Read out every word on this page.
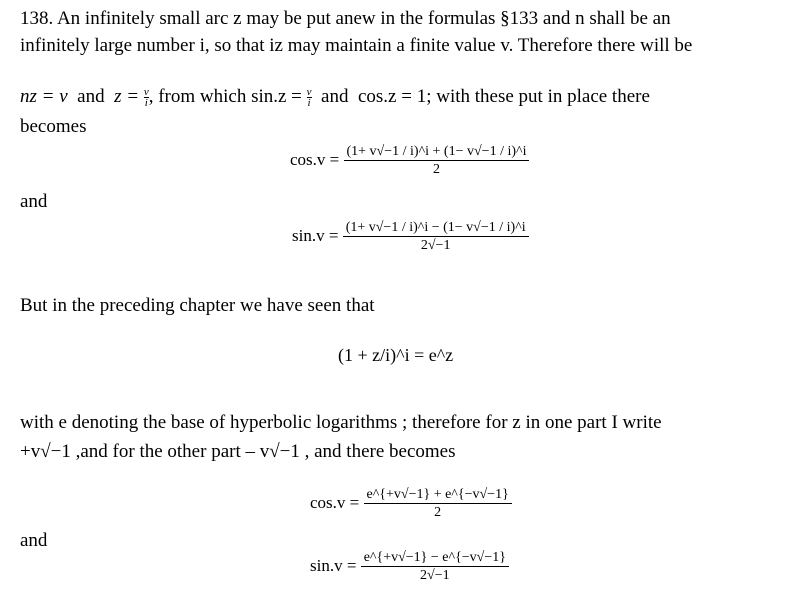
138. An infinitely small arc z may be put anew in the formulas §133 and n shall be an
infinitely large number i, so that iz may maintain a finite value v. Therefore there will be
nz = v and $z = \frac{v}{i}$ , from which $\sin.z = \frac{v}{i}$ and cos.z = 1; with these put in place there
becomes
$\cos.v = \frac{(1+ v√-1 / i)\^{}i + (1- v√-1 / i)\^{}i}{2}$
and
$\sin.v = \frac{(1+ v√-1 / i)\^{}i - (1- v√-1 / i)\^{}i}{2√-1}$
But in the preceding chapter we have seen that
(1 + z/i)^i = e^z
with e denoting the base of hyperbolic logarithms ; therefore for z in one part I write
+v√−1 ,and for the other part – v√−1 , and there becomes
$\cos.v = \frac{e\^{}\{+v√-1\} + e\^{}\{-v√-1\}}{2}$
and
$\sin.v = \frac{e\^{}\{+v√-1\} - e\^{}\{-v√-1\}}{2√-1}$
